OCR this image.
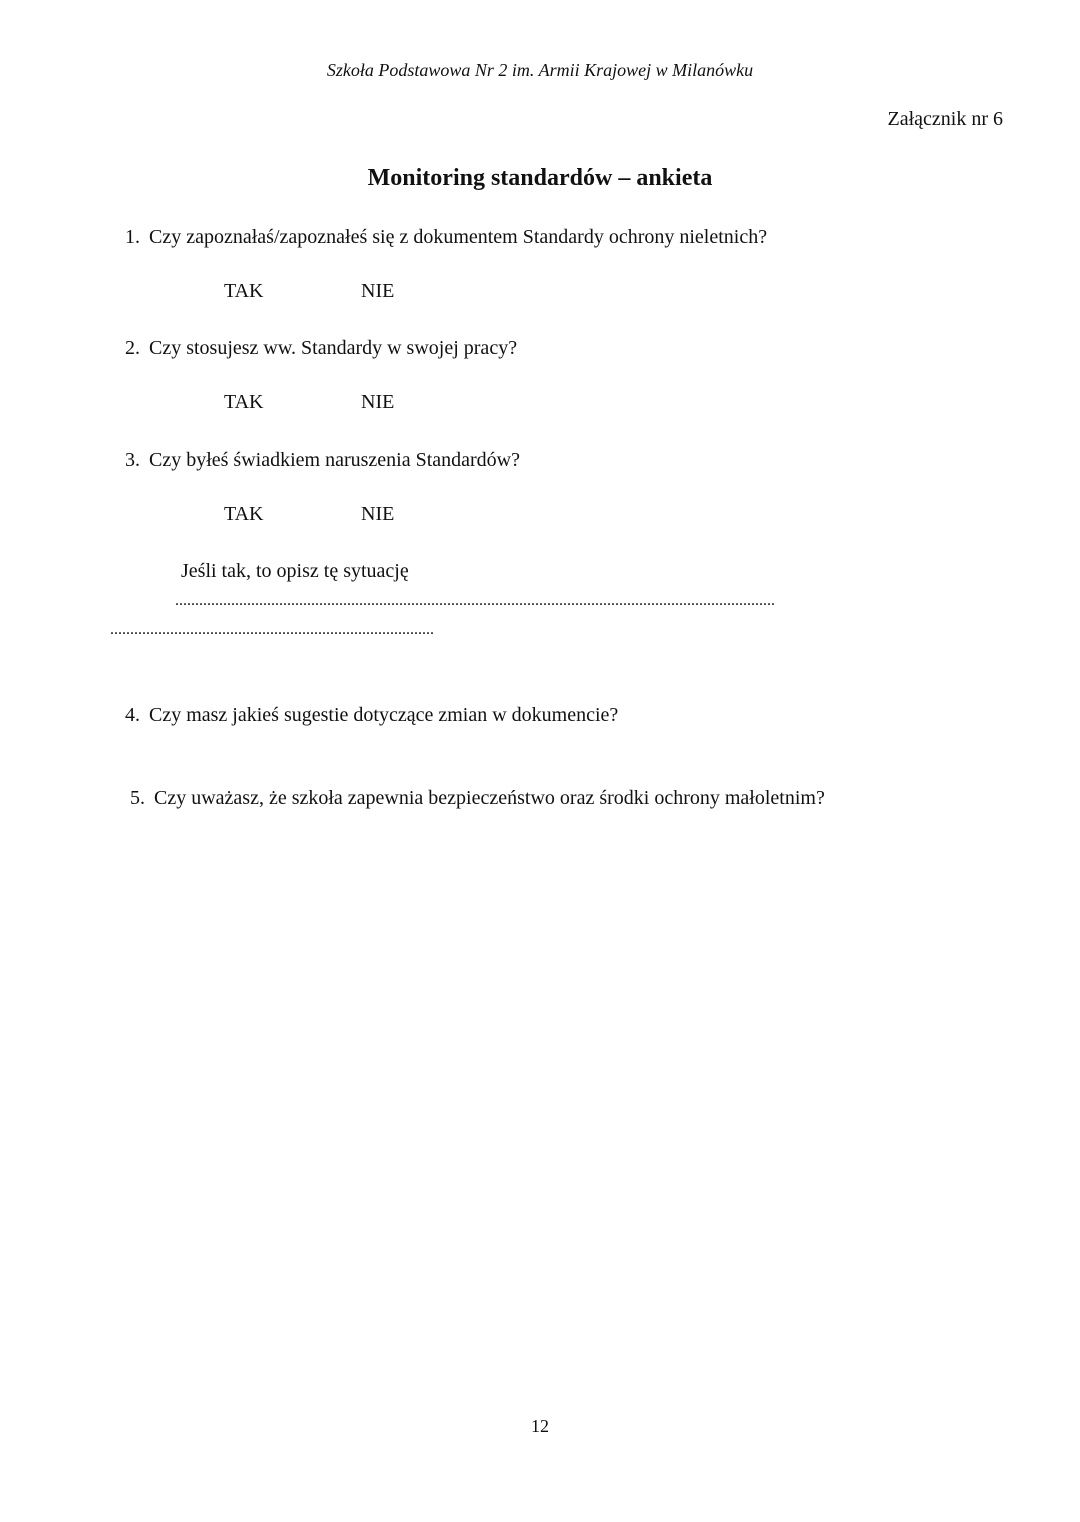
Szkoła Podstawowa Nr 2 im. Armii Krajowej w Milanówku
Załącznik nr 6
Monitoring standardów – ankieta
1. Czy zapoznałaś/zapoznałeś się z dokumentem Standardy ochrony nieletnich?
TAK	NIE
2. Czy stosujesz ww. Standardy w swojej pracy?
TAK	NIE
3. Czy byłeś świadkiem naruszenia Standardów?
TAK	NIE
Jeśli tak, to opisz tę sytuację
......................................................................................................................................................
.................................................................................
4. Czy masz jakieś sugestie dotyczące zmian w dokumencie?
5. Czy uważasz, że szkoła zapewnia bezpieczeństwo oraz środki ochrony małoletnim?
12
